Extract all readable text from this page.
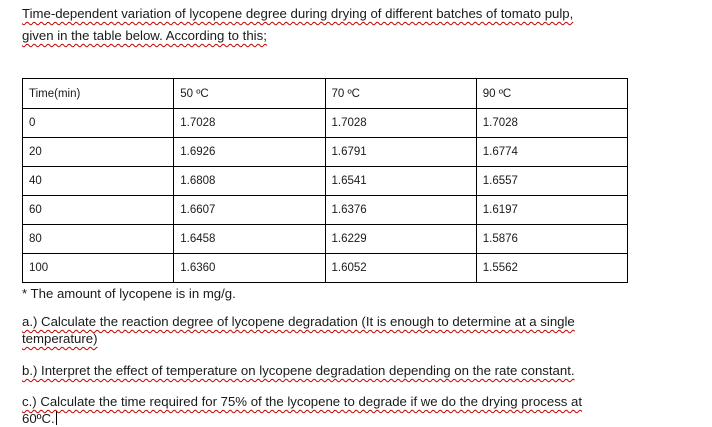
Time-dependent variation of lycopene degree during drying of different batches of tomato pulp,
given in the table below. According to this;
Time(min)	50 ºC	70 ºC	90 ºC
0	1.7028	1.7028	1.7028
20	1.6926	1.6791	1.6774
40	1.6808	1.6541	1.6557
60	1.6607	1.6376	1.6197
80	1.6458	1.6229	1.5876
100	1.6360	1.6052	1.5562
* The amount of lycopene is in mg/g.
a.) Calculate the reaction degree of lycopene degradation (It is enough to determine at a single
temperature)
b.) Interpret the effect of temperature on lycopene degradation depending on the rate constant.
c.) Calculate the time required for 75% of the lycopene to degrade if we do the drying process at
60ºC.
